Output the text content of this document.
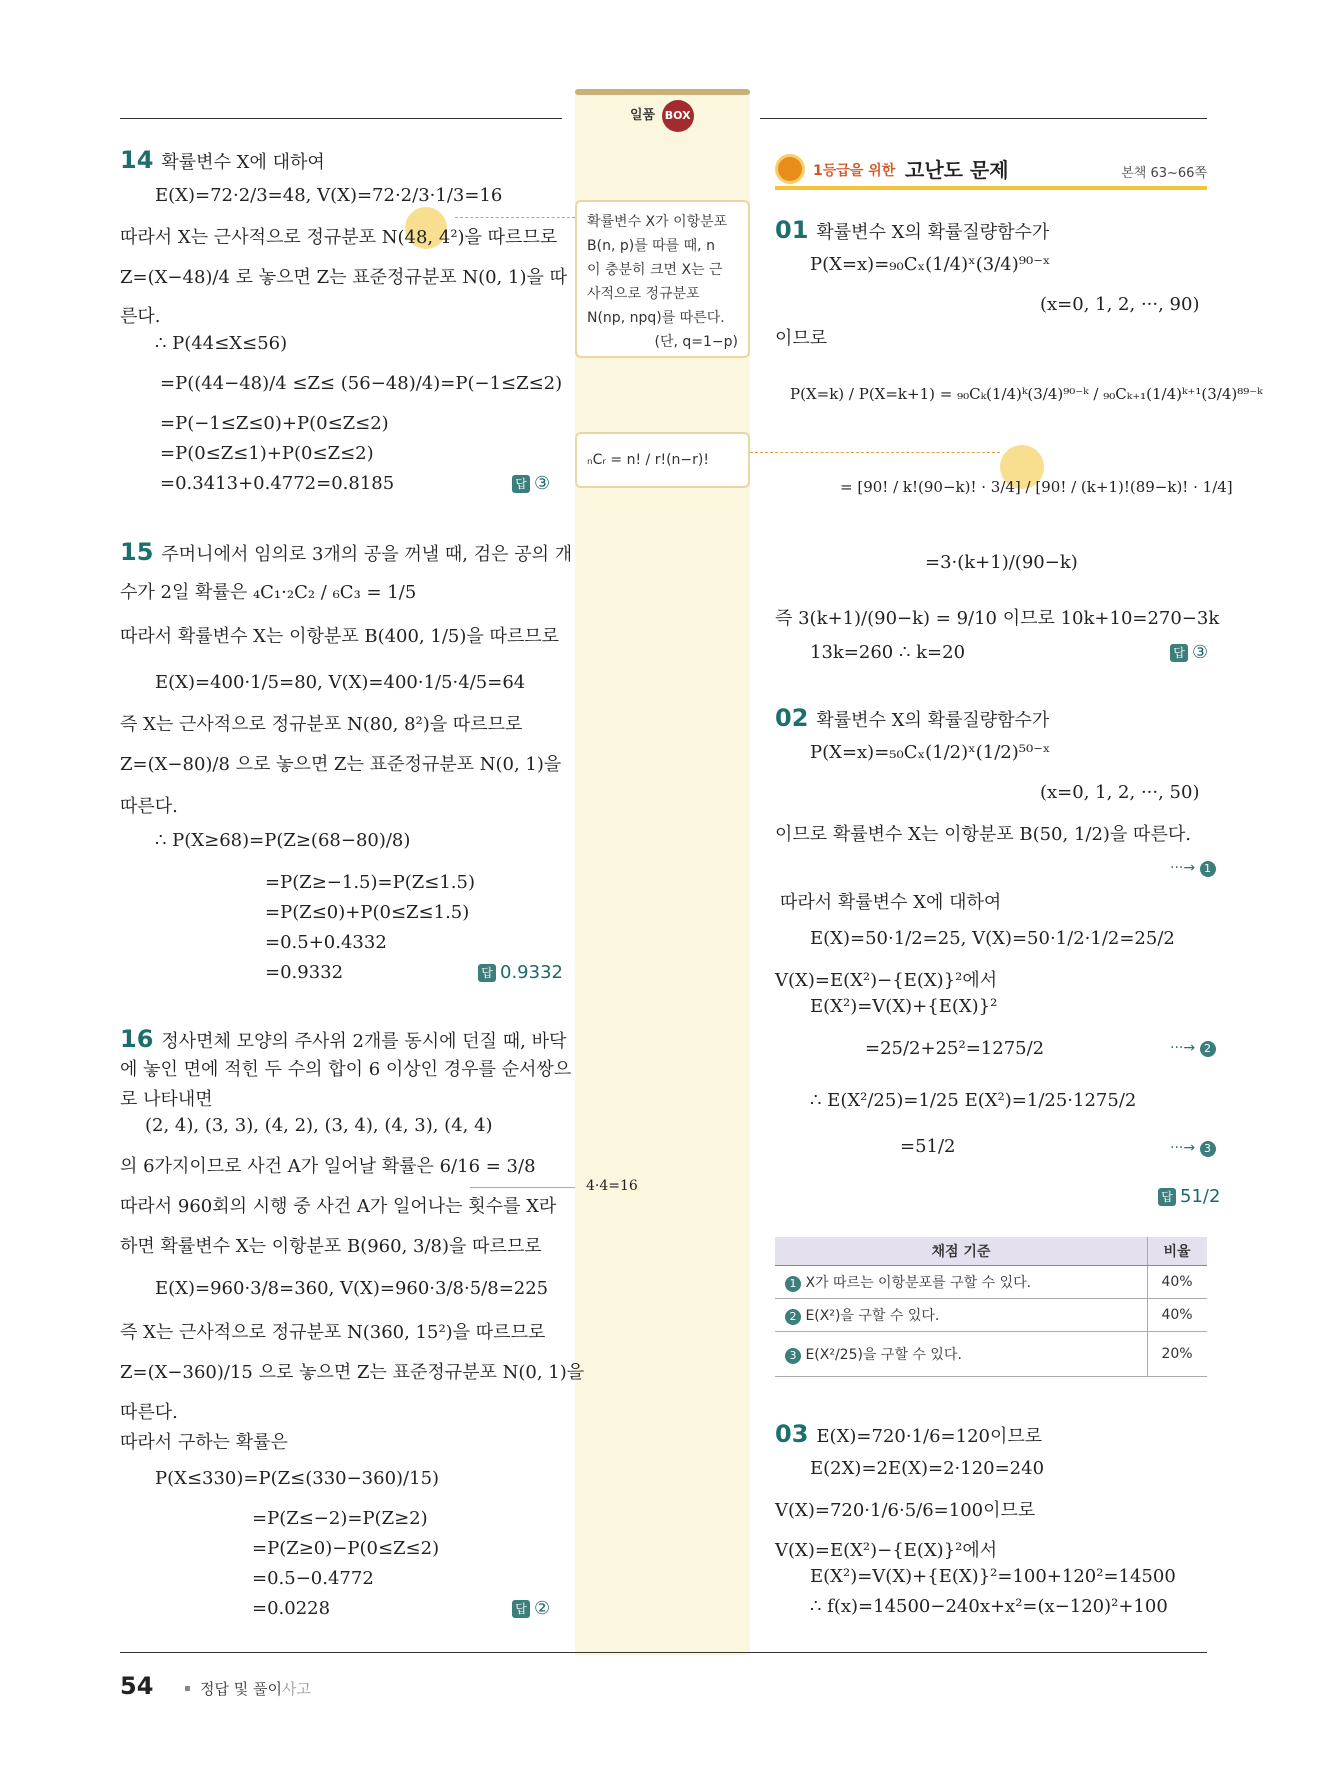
일품 BOX
확률변수 X가 이항분포
B(n, p)를 따를 때, n
이 충분히 크면 X는 근
사적으로 정규분포
N(np, npq)를 따른다.
(단, q=1−p)
ₙCᵣ = n! / r!(n−r)!
4·4=16
14 확률변수 X에 대하여
E(X)=72·2/3=48, V(X)=72·2/3·1/3=16
따라서 X는 근사적으로 정규분포 N(48, 4²)을 따르므로
Z=(X−48)/4 로 놓으면 Z는 표준정규분포 N(0, 1)을 따
른다.
∴ P(44≤X≤56)
=P((44−48)/4 ≤Z≤ (56−48)/4)=P(−1≤Z≤2)
=P(−1≤Z≤0)+P(0≤Z≤2)
=P(0≤Z≤1)+P(0≤Z≤2)
=0.3413+0.4772=0.8185	답 ③
15 주머니에서 임의로 3개의 공을 꺼낼 때, 검은 공의 개
수가 2일 확률은 ₄C₁·₂C₂ / ₆C₃ = 1/5
따라서 확률변수 X는 이항분포 B(400, 1/5)을 따르므로
E(X)=400·1/5=80, V(X)=400·1/5·4/5=64
즉 X는 근사적으로 정규분포 N(80, 8²)을 따르므로
Z=(X−80)/8 으로 놓으면 Z는 표준정규분포 N(0, 1)을
따른다.
∴ P(X≥68)=P(Z≥(68−80)/8)
=P(Z≥−1.5)=P(Z≤1.5)
=P(Z≤0)+P(0≤Z≤1.5)
=0.5+0.4332
=0.9332	답 0.9332
16 정사면체 모양의 주사위 2개를 동시에 던질 때, 바닥
에 놓인 면에 적힌 두 수의 합이 6 이상인 경우를 순서쌍으
로 나타내면
(2, 4), (3, 3), (4, 2), (3, 4), (4, 3), (4, 4)
의 6가지이므로 사건 A가 일어날 확률은 6/16 = 3/8
따라서 960회의 시행 중 사건 A가 일어나는 횟수를 X라
하면 확률변수 X는 이항분포 B(960, 3/8)을 따르므로
E(X)=960·3/8=360, V(X)=960·3/8·5/8=225
즉 X는 근사적으로 정규분포 N(360, 15²)을 따르므로
Z=(X−360)/15 으로 놓으면 Z는 표준정규분포 N(0, 1)을
따른다.
따라서 구하는 확률은
P(X≤330)=P(Z≤(330−360)/15)
=P(Z≤−2)=P(Z≥2)
=P(Z≥0)−P(0≤Z≤2)
=0.5−0.4772
=0.0228	답 ②
1등급을 위한 고난도 문제	본책 63~66쪽
01 확률변수 X의 확률질량함수가
P(X=x)=₉₀Cₓ(1/4)ˣ(3/4)⁹⁰⁻ˣ
(x=0, 1, 2, ···, 90)
이므로
P(X=k) / P(X=k+1) = ₉₀Cₖ(1/4)ᵏ(3/4)⁹⁰⁻ᵏ / ₉₀Cₖ₊₁(1/4)ᵏ⁺¹(3/4)⁸⁹⁻ᵏ
= [90! / k!(90−k)! · 3/4] / [90! / (k+1)!(89−k)! · 1/4]
=3·(k+1)/(90−k)
즉 3(k+1)/(90−k) = 9/10 이므로 10k+10=270−3k
13k=260 ∴ k=20	답 ③
02 확률변수 X의 확률질량함수가
P(X=x)=₅₀Cₓ(1/2)ˣ(1/2)⁵⁰⁻ˣ
(x=0, 1, 2, ···, 50)
이므로 확률변수 X는 이항분포 B(50, 1/2)을 따른다.
···→ 1
따라서 확률변수 X에 대하여
E(X)=50·1/2=25, V(X)=50·1/2·1/2=25/2
V(X)=E(X²)−{E(X)}²에서
E(X²)=V(X)+{E(X)}²
=25/2+25²=1275/2	···→ 2
∴ E(X²/25)=1/25 E(X²)=1/25·1275/2
=51/2	···→ 3
답 51/2
채점 기준	비율
1 X가 따르는 이항분포를 구할 수 있다.	40%
2 E(X²)을 구할 수 있다.	40%
3 E(X²/25)을 구할 수 있다.	20%
03 E(X)=720·1/6=120이므로
E(2X)=2E(X)=2·120=240
V(X)=720·1/6·5/6=100이므로
V(X)=E(X²)−{E(X)}²에서
E(X²)=V(X)+{E(X)}²=100+120²=14500
∴ f(x)=14500−240x+x²=(x−120)²+100
54	정답 및 풀이사고
